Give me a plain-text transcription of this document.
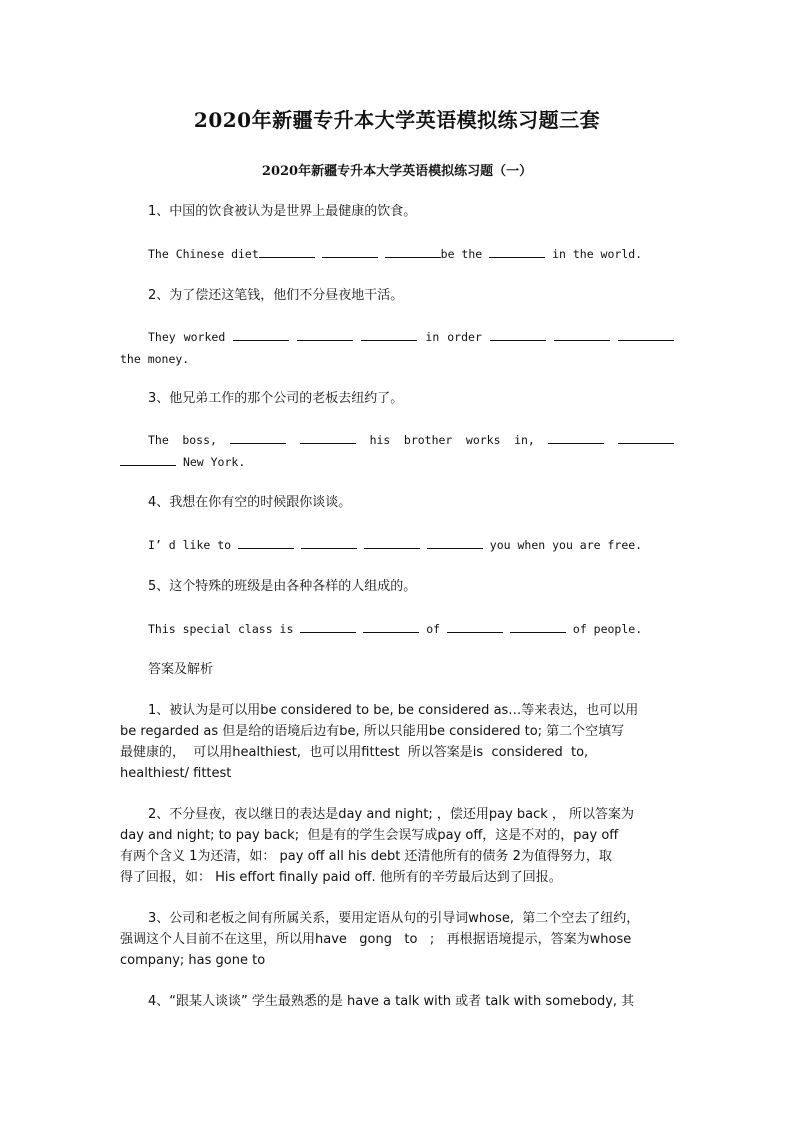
2020年新疆专升本大学英语模拟练习题三套
2020年新疆专升本大学英语模拟练习题（一）
1、中国的饮食被认为是世界上最健康的饮食。
The Chinese diet	be the	in the world.
2、为了偿还这笔钱，他们不分昼夜地干活。
They worked	in order
the money.
3、他兄弟工作的那个公司的老板去纽约了。
The boss,	his brother works in,
New York.
4、我想在你有空的时候跟你谈谈。
I’ d like to	you when you are free.
5、这个特殊的班级是由各种各样的人组成的。
This special class is	of	of people.
答案及解析
1、被认为是可以用be considered to be, be considered as…等来表达，也可以用
be regarded as 但是给的语境后边有be, 所以只能用be considered to; 第二个空填写
最健康的，  可以用healthiest,  也可以用fittest  所以答案是is  considered  to,
healthiest/ fittest
2、不分昼夜，夜以继日的表达是day and night; ，偿还用pay back ， 所以答案为
day and night; to pay back;  但是有的学生会误写成pay off，这是不对的，pay off
有两个含义 1为还清，如： pay off all his debt 还清他所有的债务 2为值得努力，取
得了回报，如： His effort finally paid off. 他所有的辛劳最后达到了回报。
3、公司和老板之间有所属关系，要用定语从句的引导词whose,  第二个空去了纽约，
强调这个人目前不在这里，所以用have   gong   to   ;   再根据语境提示，答案为whose
company; has gone to
4、“跟某人谈谈” 学生最熟悉的是 have a talk with 或者 talk with somebody, 其
